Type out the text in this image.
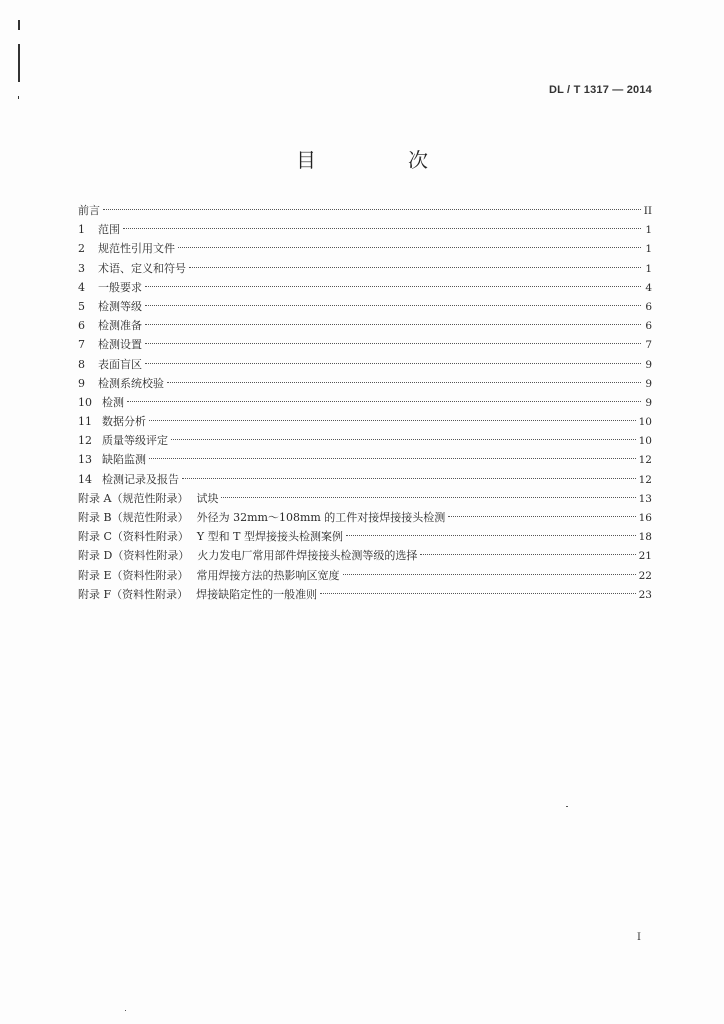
DL / T 1317 — 2014
目　次
前言	II
1	范围	1
2	规范性引用文件	1
3	术语、定义和符号	1
4	一般要求	4
5	检测等级	6
6	检测准备	6
7	检测设置	7
8	表面盲区	9
9	检测系统校验	9
10 检测	9
11 数据分析	10
12 质量等级评定	10
13 缺陷监测	12
14 检测记录及报告	12
附录 A（规范性附录） 试块	13
附录 B（规范性附录） 外径为 32mm～108mm 的工件对接焊接接头检测	16
附录 C（资料性附录） Y 型和 T 型焊接接头检测案例	18
附录 D（资料性附录） 火力发电厂常用部件焊接接头检测等级的选择	21
附录 E（资料性附录） 常用焊接方法的热影响区宽度	22
附录 F（资料性附录） 焊接缺陷定性的一般准则	23
I
